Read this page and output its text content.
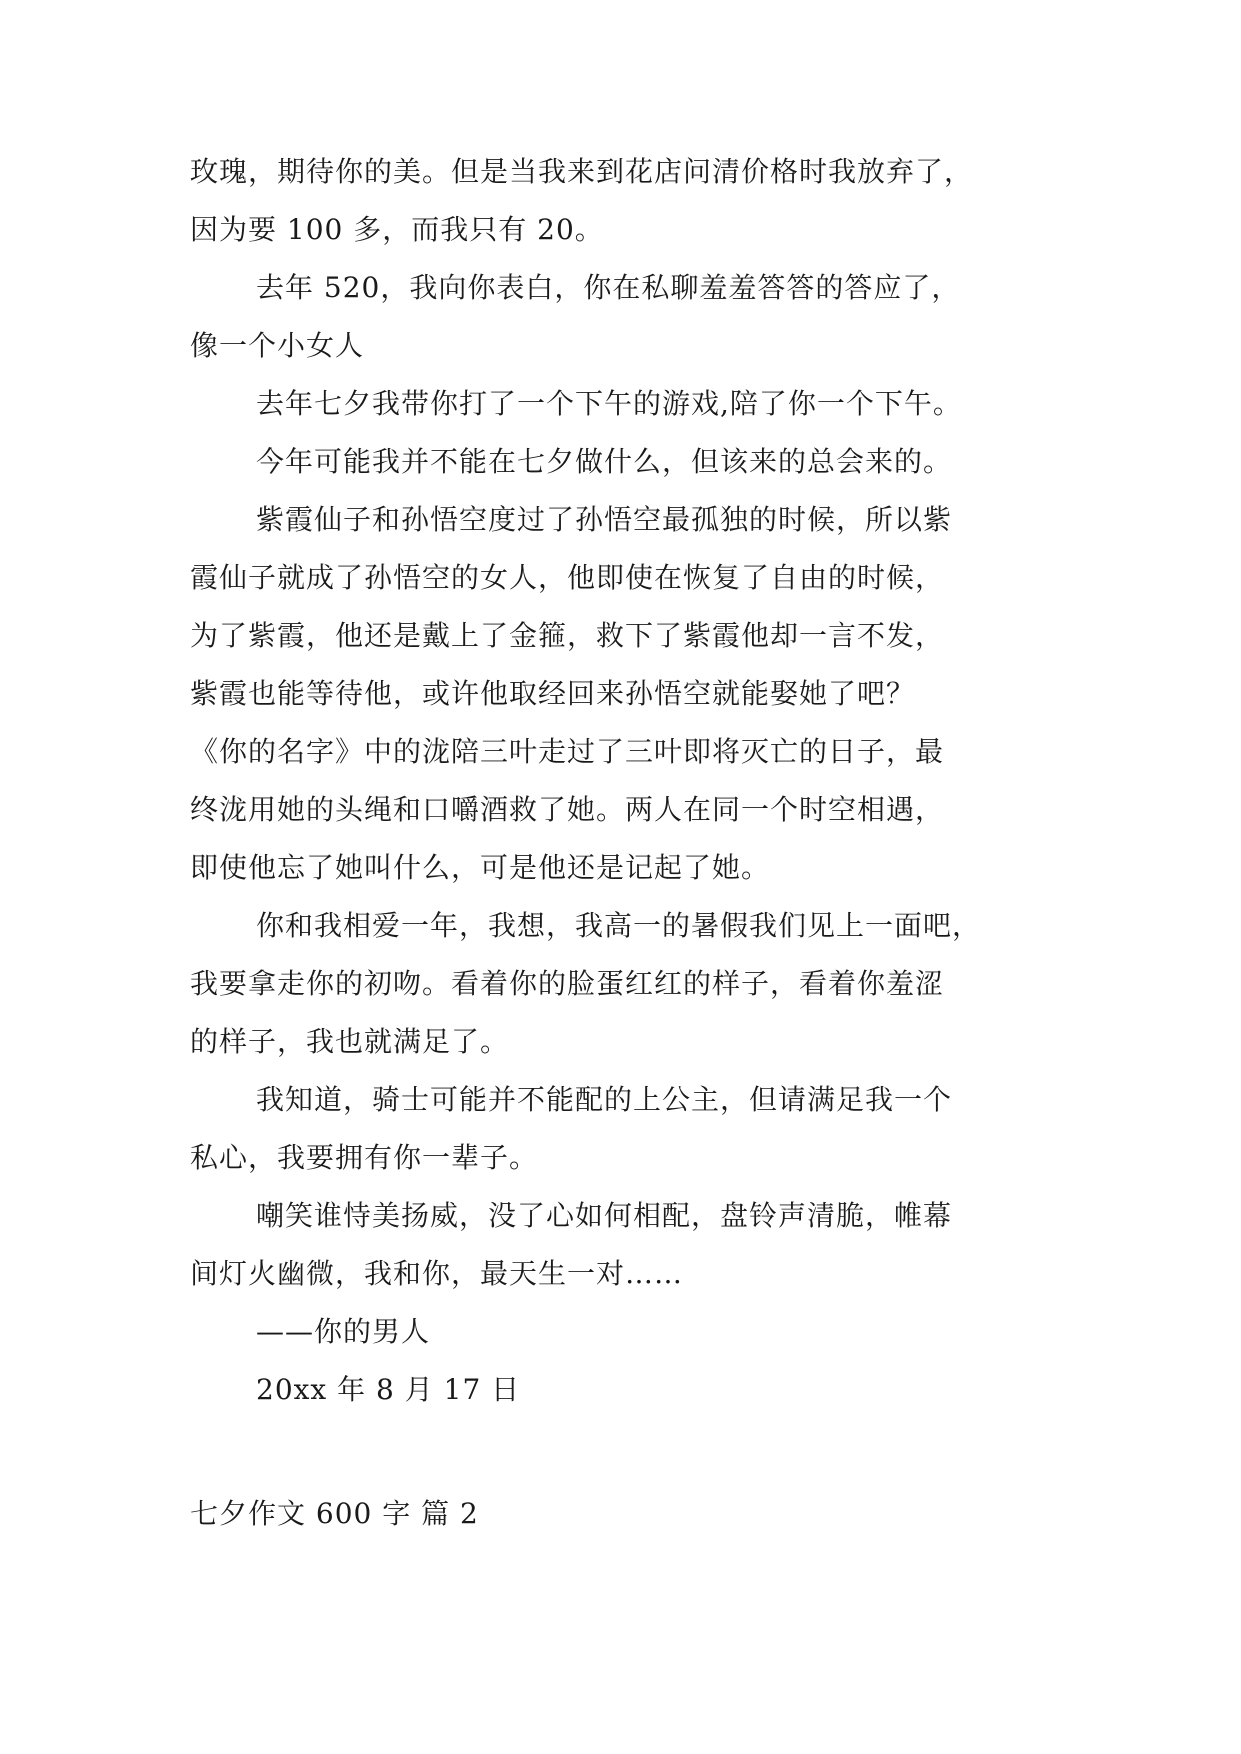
玫瑰，期待你的美。但是当我来到花店问清价格时我放弃了，
因为要 100 多，而我只有 20。
去年 520，我向你表白，你在私聊羞羞答答的答应了，
像一个小女人
去年七夕我带你打了一个下午的游戏,陪了你一个下午。
今年可能我并不能在七夕做什么，但该来的总会来的。
紫霞仙子和孙悟空度过了孙悟空最孤独的时候，所以紫
霞仙子就成了孙悟空的女人，他即使在恢复了自由的时候，
为了紫霞，他还是戴上了金箍，救下了紫霞他却一言不发，
紫霞也能等待他，或许他取经回来孙悟空就能娶她了吧？
《你的名字》中的泷陪三叶走过了三叶即将灭亡的日子，最
终泷用她的头绳和口嚼酒救了她。两人在同一个时空相遇，
即使他忘了她叫什么，可是他还是记起了她。
你和我相爱一年，我想，我高一的暑假我们见上一面吧，
我要拿走你的初吻。看着你的脸蛋红红的样子，看着你羞涩
的样子，我也就满足了。
我知道，骑士可能并不能配的上公主，但请满足我一个
私心，我要拥有你一辈子。
嘲笑谁恃美扬威，没了心如何相配，盘铃声清脆，帷幕
间灯火幽微，我和你，最天生一对……
——你的男人
20xx 年 8 月 17 日
七夕作文 600 字 篇 2
